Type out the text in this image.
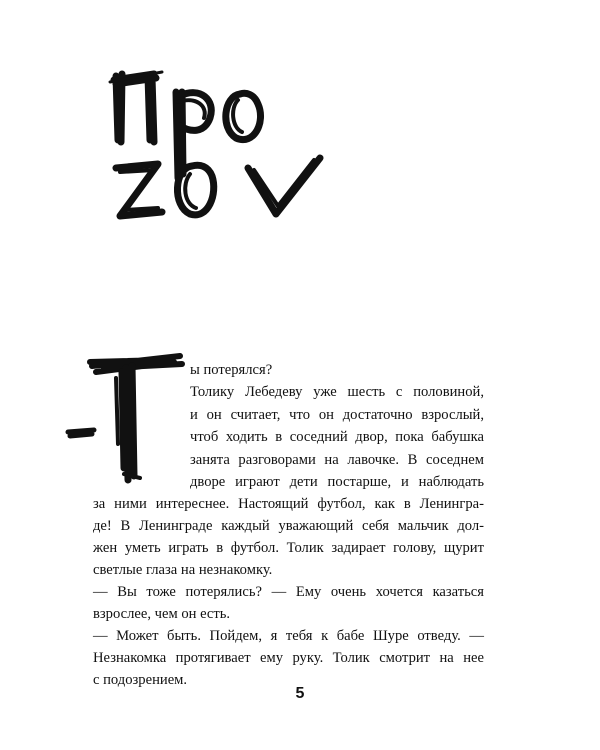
ы потерялся?
Толику Лебедеву уже шесть с половиной,
и он считает, что он достаточно взрослый,
чтоб ходить в соседний двор, пока бабушка
занята разговорами на лавочке. В соседнем
дворе играют дети постарше, и наблюдать
за ними интереснее. Настоящий футбол, как в Ленингра-
де! В Ленинграде каждый уважающий себя мальчик дол-
жен уметь играть в футбол. Толик задирает голову, щурит
светлые глаза на незнакомку.
— Вы тоже потерялись? — Ему очень хочется казаться
взрослее, чем он есть.
— Может быть. Пойдем, я тебя к бабе Шуре отведу. —
Незнакомка протягивает ему руку. Толик смотрит на нее
с подозрением.
5
